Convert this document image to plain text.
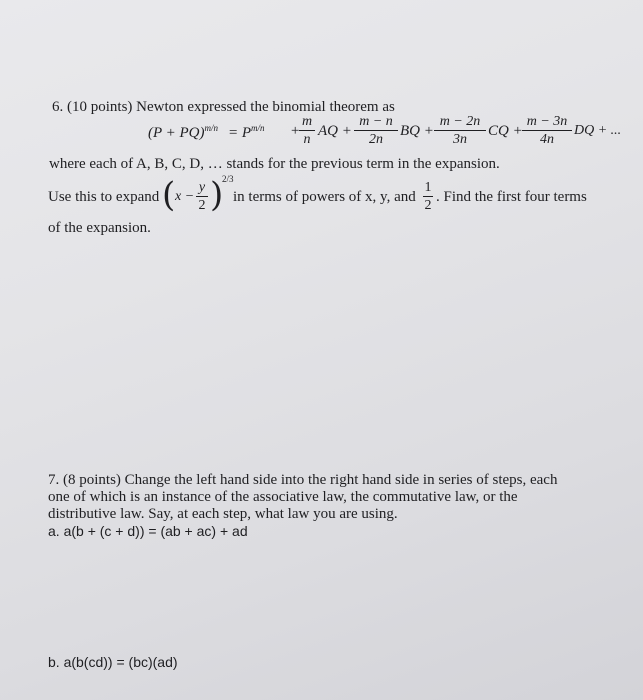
6. (10 points) Newton expressed the binomial theorem as
$(P + PQ)^{m/n} = P^{m/n}$ +
m
n
AQ +
m − n
2n
BQ +
m − 2n
3n
CQ +
m − 3n
4n
DQ + ...
where each of A, B, C, D, … stands for the previous term in the expansion.
Use this to expand ( x −
y
2 )
2/3
in terms of powers of x, y, and
1
2
. Find the first four terms
of the expansion.
7. (8 points) Change the left hand side into the right hand side in series of steps, each
one of which is an instance of the associative law, the commutative law, or the
distributive law. Say, at each step, what law you are using.
a. a(b + (c + d)) = (ab + ac) + ad
b. a(b(cd)) = (bc)(ad)
